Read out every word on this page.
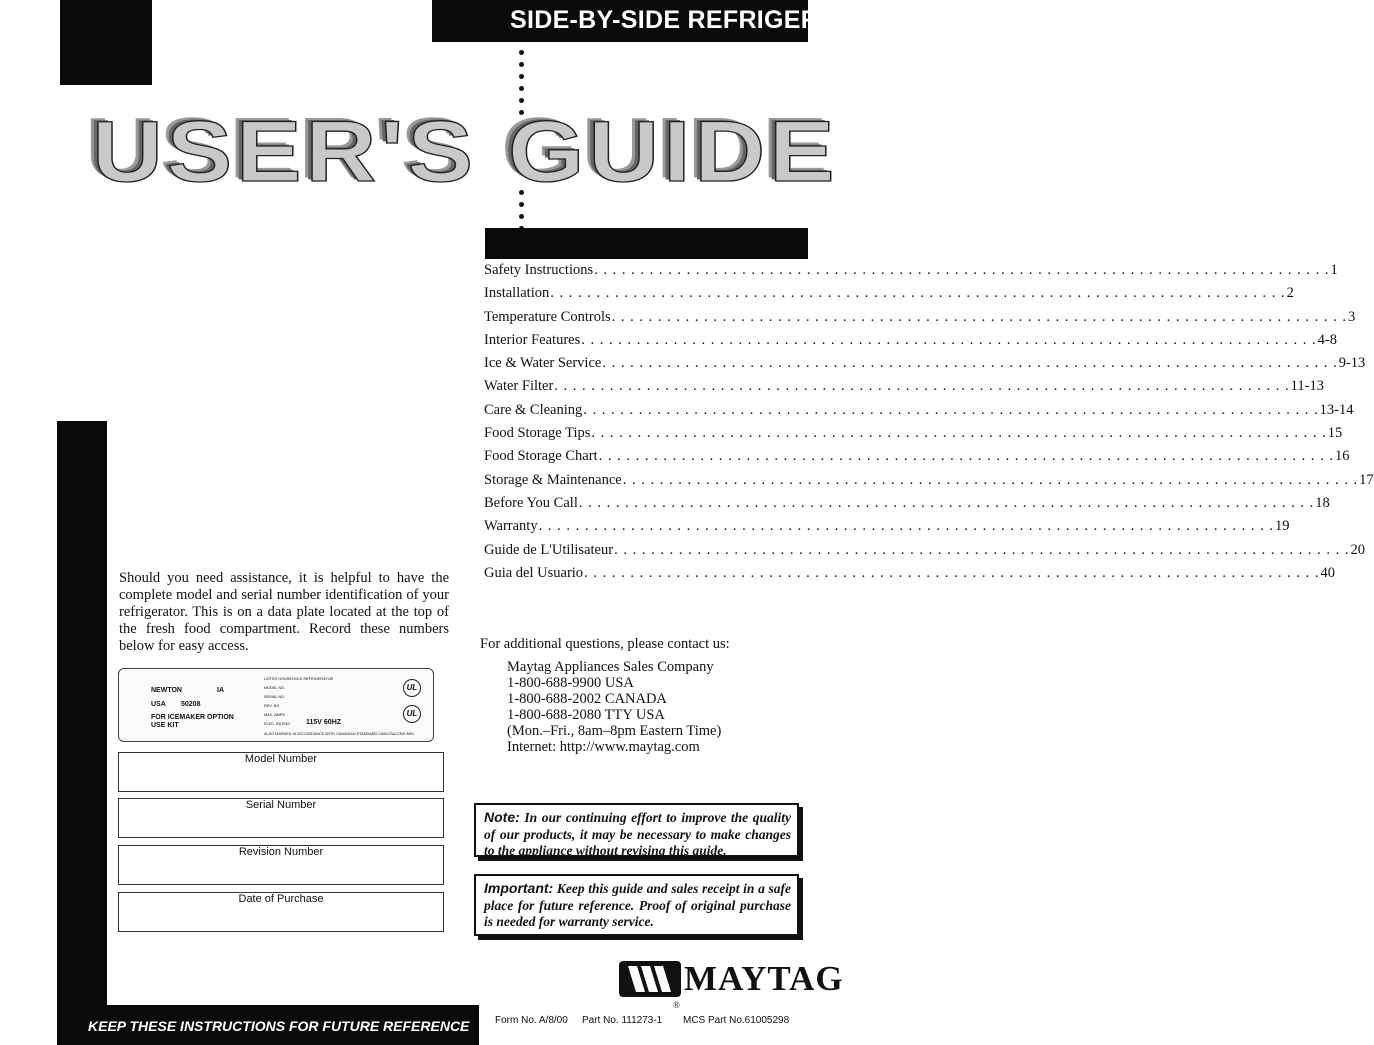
SIDE-BY-SIDE REFRIGERAT
USER'S GUIDE
Safety Instructions . . .	1
Installation . . .	2
Temperature Controls . . .	3
Interior Features . . .	4-8
Ice & Water Service . . .	9-13
Water Filter . . .	11-13
Care & Cleaning . . .	13-14
Food Storage Tips . . .	15
Food Storage Chart . . .	16
Storage & Maintenance . . .	17
Before You Call . . .	18
Warranty . . .	19
Guide de L'Utilisateur . . .	20
Guia del Usuario . . .	40

Should you need assistance, it is helpful to have the complete model and serial number identification of your refrigerator. This is on a data plate located at the top of the fresh food compartment. Record these numbers below for easy access.

NEWTON	IA
USA 50208
FOR ICEMAKER OPTION
USE KIT
LISTED HOUSEHOLD REFRIGERATOR
MODEL NO.
SERIAL NO.
REV. NO.
MAX. AMPS
ELEC. RATING 115V 60HZ
ALSO MARKED IN ACCORDANCE WITH CANADIAN STANDARD CAN/CSA-C300-M91
UL
UL
Model Number
Serial Number
Revision Number
Date of Purchase
For additional questions, please contact us:
Maytag Appliances Sales Company
1-800-688-9900 USA
1-800-688-2002 CANADA
1-800-688-2080 TTY USA
(Mon.–Fri., 8am–8pm Eastern Time)
Internet: http://www.maytag.com
Note: In our continuing effort to improve the quality of our products, it may be necessary to make changes to the appliance without revising this guide.
Important: Keep this guide and sales receipt in a safe place for future reference. Proof of original purchase is needed for warranty service.
MAYTAG
®
KEEP THESE INSTRUCTIONS FOR FUTURE REFERENCE	Form No. A/8/00 Part No. 111273-1 MCS Part No.61005298
